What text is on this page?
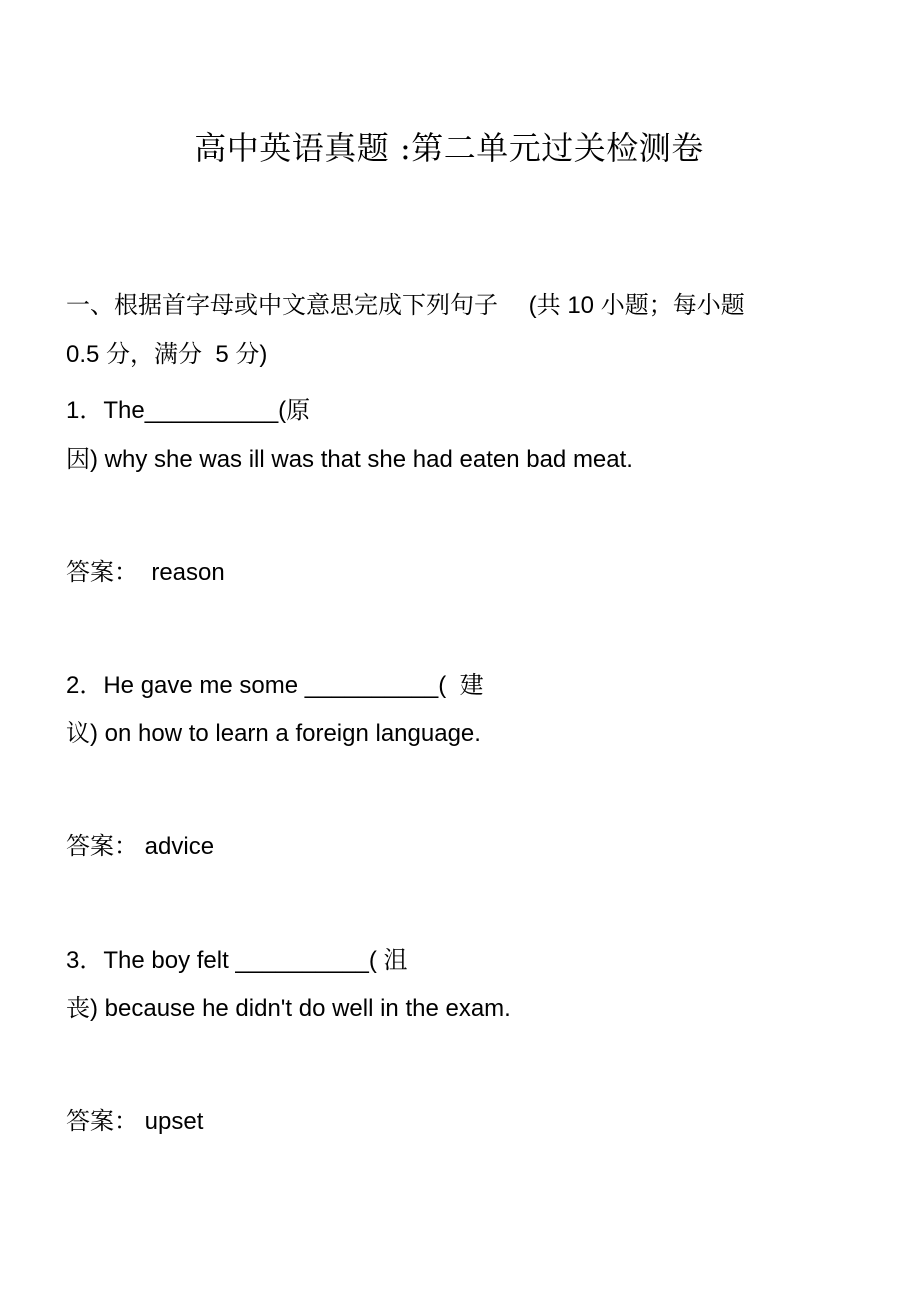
高中英语真题 :第二单元过关检测卷
一、根据首字母或中文意思完成下列句子　 (共 10 小题；每小题
0.5 分，满分  5 分)
1．The__________(原
因) why she was ill was that she had eaten bad meat.
答案：  reason
2．He gave me some __________(  建
议) on how to learn a foreign language.
答案： advice
3．The boy felt __________( 沮
丧) because he didn't do well in the exam.
答案： upset
